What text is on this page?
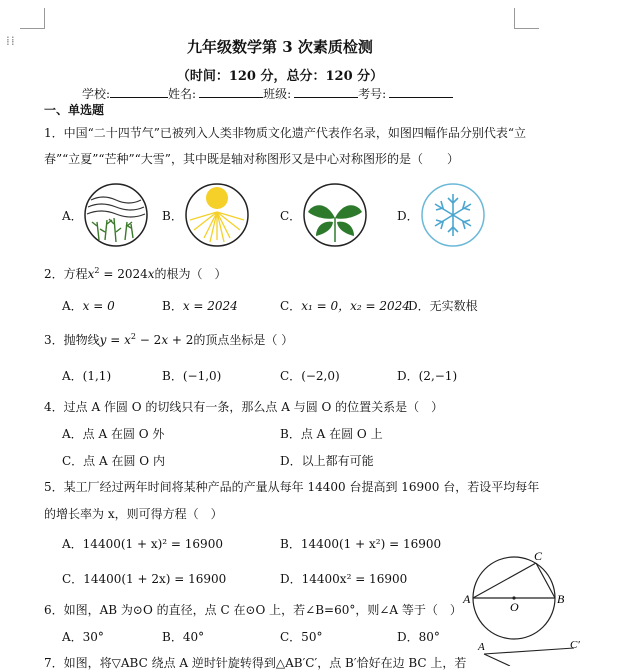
⁞⁞	九年级数学第 3 次素质检测
（时间：120 分，总分：120 分）
学校:	姓名:	班级:	考号:
一、单选题
1．中国“二十四节气”已被列入人类非物质文化遗产代表作名录，如图四幅作品分别代表“立
春”“立夏”“芒种”“大雪”，其中既是轴对称图形又是中心对称图形的是（　　）
A．	B．	C．	D．
2．方程$x^2 = 2024x$的根为（　）
A．x = 0	B．x = 2024	C．x₁ = 0，x₂ = 2024
D．无实数根
3．抛物线$y = x^2 - 2x + 2$的顶点坐标是（ ）
A．(1,1)	B．(−1,0)	C．(−2,0)	D．(2,−1)
4．过点 A 作圆 O 的切线只有一条，那么点 A 与圆 O 的位置关系是（　）
A．点 A 在圆 O 外	B．点 A 在圆 O 上
C．点 A 在圆 O 内	D．以上都有可能
5．某工厂经过两年时间将某种产品的产量从每年 14400 台提高到 16900 台，若设平均每年
的增长率为 x，则可得方程（　）
A．14400(1 + x)² = 16900	B．14400(1 + x²) = 16900
C．14400(1 + 2x) = 16900	D．14400x² = 16900
A	B
C
O
6．如图，AB 为⊙O 的直径，点 C 在⊙O 上，若∠B=60°，则∠A 等于（　）
A．30°	B．40°	C．50°	D．80°
A	C′
7．如图，将▽ABC 绕点 A 逆时针旋转得到△AB′C′，点 B′恰好在边 BC 上，若
